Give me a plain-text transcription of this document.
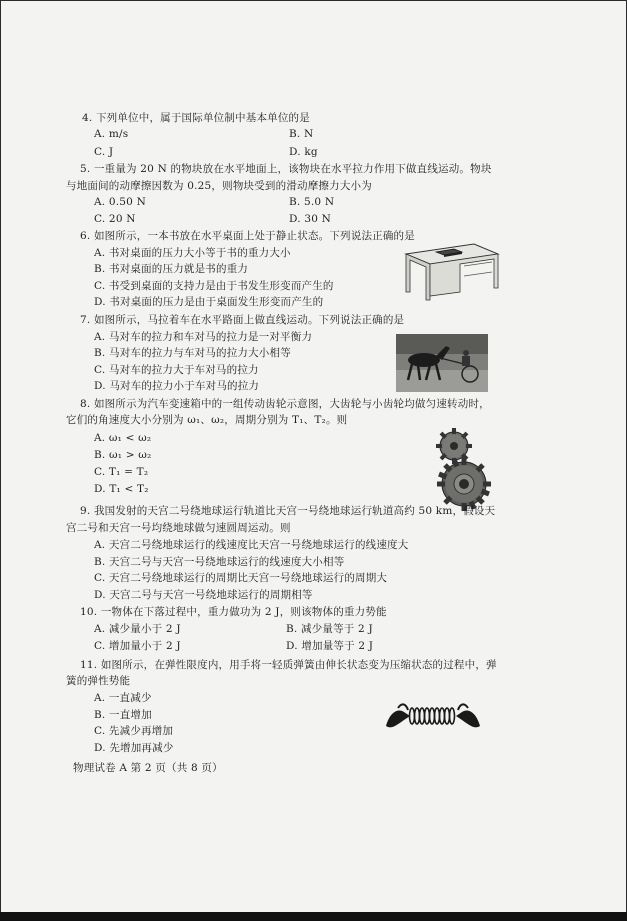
4. 下列单位中，属于国际单位制中基本单位的是
A. m/s	B. N
C. J	D. kg
5. 一重量为 20 N 的物块放在水平地面上，该物块在水平拉力作用下做直线运动。物块
与地面间的动摩擦因数为 0.25，则物块受到的滑动摩擦力大小为
A. 0.50 N	B. 5.0 N
C. 20 N	D. 30 N
6. 如图所示，一本书放在水平桌面上处于静止状态。下列说法正确的是
A. 书对桌面的压力大小等于书的重力大小
B. 书对桌面的压力就是书的重力
C. 书受到桌面的支持力是由于书发生形变而产生的
D. 书对桌面的压力是由于桌面发生形变而产生的
7. 如图所示，马拉着车在水平路面上做直线运动。下列说法正确的是
A. 马对车的拉力和车对马的拉力是一对平衡力
B. 马对车的拉力与车对马的拉力大小相等
C. 马对车的拉力大于车对马的拉力
D. 马对车的拉力小于车对马的拉力
8. 如图所示为汽车变速箱中的一组传动齿轮示意图，大齿轮与小齿轮均做匀速转动时，
它们的角速度大小分别为 ω₁、ω₂，周期分别为 T₁、T₂。则
A. ω₁ < ω₂
B. ω₁ > ω₂
C. T₁ = T₂
D. T₁ < T₂
9. 我国发射的天宫二号绕地球运行轨道比天宫一号绕地球运行轨道高约 50 km，假设天
宫二号和天宫一号均绕地球做匀速圆周运动。则
A. 天宫二号绕地球运行的线速度比天宫一号绕地球运行的线速度大
B. 天宫二号与天宫一号绕地球运行的线速度大小相等
C. 天宫二号绕地球运行的周期比天宫一号绕地球运行的周期大
D. 天宫二号与天宫一号绕地球运行的周期相等
10. 一物体在下落过程中，重力做功为 2 J，则该物体的重力势能
A. 减少量小于 2 J	B. 减少量等于 2 J
C. 增加量小于 2 J	D. 增加量等于 2 J
11. 如图所示，在弹性限度内，用手将一轻质弹簧由伸长状态变为压缩状态的过程中，弹
簧的弹性势能
A. 一直减少
B. 一直增加
C. 先减少再增加
D. 先增加再减少
物理试卷 A 第 2 页（共 8 页）
